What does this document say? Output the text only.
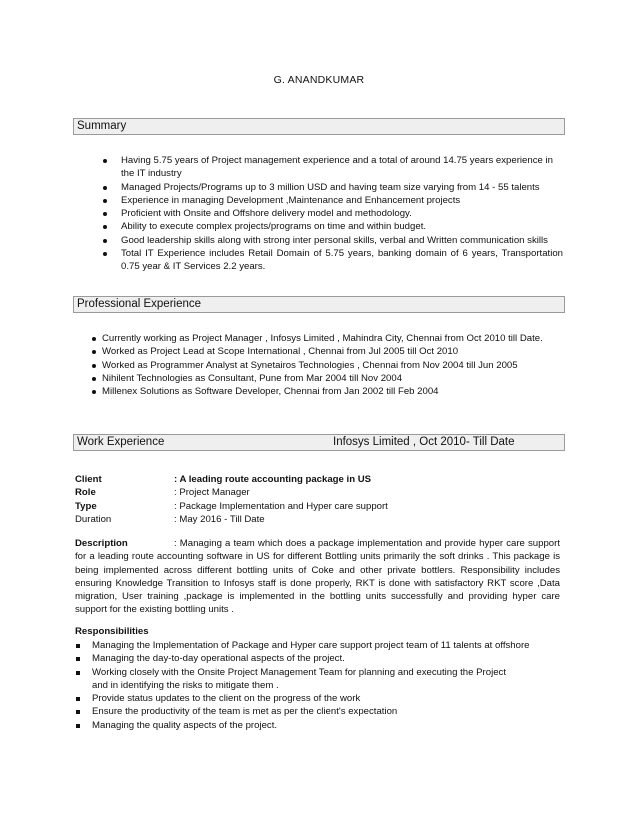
G. ANANDKUMAR
Summary
Having 5.75 years of Project management experience and a total of around 14.75 years experience in the IT industry
Managed Projects/Programs up to 3 million USD and having team size varying from 14 - 55 talents
Experience in managing Development ,Maintenance and Enhancement projects
Proficient with Onsite and Offshore delivery model and methodology.
Ability to execute complex projects/programs on time and within budget.
Good leadership skills along with strong inter personal skills, verbal and Written communication skills
Total IT Experience includes Retail Domain of 5.75 years, banking domain of 6 years, Transportation 0.75 year & IT Services 2.2 years.
Professional Experience
Currently working as Project Manager , Infosys Limited , Mahindra City, Chennai from Oct 2010 till Date.
Worked as Project Lead at Scope International , Chennai from Jul 2005 till Oct 2010
Worked as Programmer Analyst at Synetairos Technologies , Chennai from Nov 2004 till Jun 2005
Nihilent Technologies as Consultant, Pune from Mar 2004 till Nov 2004
Millenex Solutions as Software Developer, Chennai from Jan 2002 till Feb 2004
Work Experience	Infosys Limited , Oct 2010- Till Date
Client	: A leading route accounting package in US
Role	: Project Manager
Type	: Package Implementation and Hyper care support
Duration	: May 2016 - Till Date
Description	: Managing a team which does a package implementation and provide hyper care support for a leading route accounting software in US for different Bottling units primarily the soft drinks . This package is being implemented across different bottling units of Coke and other private bottlers. Responsibility includes ensuring Knowledge Transition to Infosys staff is done properly, RKT is done with satisfactory RKT score ,Data migration, User training ,package is implemented in the bottling units successfully and providing hyper care support for the existing bottling units .
Responsibilities
Managing the Implementation of Package and Hyper care support project team of 11 talents at offshore
Managing the day-to-day operational aspects of the project.
Working closely with the Onsite Project Management Team for planning and executing the Project and in identifying the risks to mitigate them .
Provide status updates to the client on the progress of the work
Ensure the productivity of the team is met as per the client's expectation
Managing the quality aspects of the project.
